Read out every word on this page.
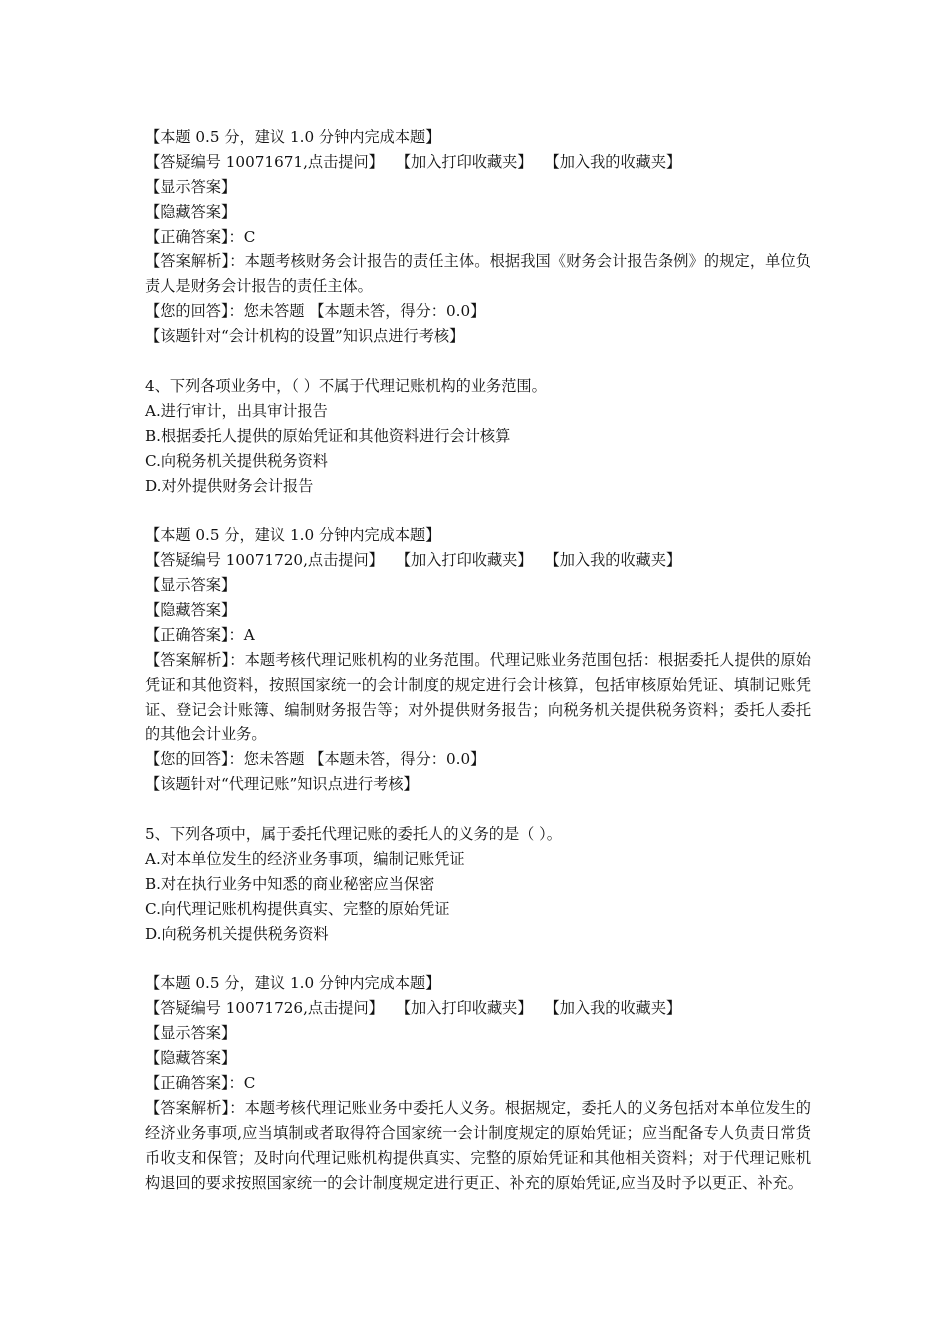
【本题 0.5 分，建议 1.0 分钟内完成本题】
【答疑编号 10071671,点击提问】 【加入打印收藏夹】 【加入我的收藏夹】
【显示答案】
【隐藏答案】
【正确答案】：C
【答案解析】：本题考核财务会计报告的责任主体。根据我国《财务会计报告条例》的规定，单位负责人是财务会计报告的责任主体。
【您的回答】：您未答题 【本题未答，得分：0.0】
【该题针对“会计机构的设置”知识点进行考核】
4、下列各项业务中，（ ）不属于代理记账机构的业务范围。
A.进行审计，出具审计报告
B.根据委托人提供的原始凭证和其他资料进行会计核算
C.向税务机关提供税务资料
D.对外提供财务会计报告
【本题 0.5 分，建议 1.0 分钟内完成本题】
【答疑编号 10071720,点击提问】 【加入打印收藏夹】 【加入我的收藏夹】
【显示答案】
【隐藏答案】
【正确答案】：A
【答案解析】：本题考核代理记账机构的业务范围。代理记账业务范围包括：根据委托人提供的原始凭证和其他资料，按照国家统一的会计制度的规定进行会计核算，包括审核原始凭证、填制记账凭证、登记会计账簿、编制财务报告等；对外提供财务报告；向税务机关提供税务资料；委托人委托的其他会计业务。
【您的回答】：您未答题 【本题未答，得分：0.0】
【该题针对“代理记账”知识点进行考核】
5、下列各项中，属于委托代理记账的委托人的义务的是（ ）。
A.对本单位发生的经济业务事项，编制记账凭证
B.对在执行业务中知悉的商业秘密应当保密
C.向代理记账机构提供真实、完整的原始凭证
D.向税务机关提供税务资料
【本题 0.5 分，建议 1.0 分钟内完成本题】
【答疑编号 10071726,点击提问】 【加入打印收藏夹】 【加入我的收藏夹】
【显示答案】
【隐藏答案】
【正确答案】：C
【答案解析】：本题考核代理记账业务中委托人义务。根据规定，委托人的义务包括对本单位发生的经济业务事项,应当填制或者取得符合国家统一会计制度规定的原始凭证；应当配备专人负责日常货币收支和保管；及时向代理记账机构提供真实、完整的原始凭证和其他相关资料；对于代理记账机构退回的要求按照国家统一的会计制度规定进行更正、补充的原始凭证,应当及时予以更正、补充。
